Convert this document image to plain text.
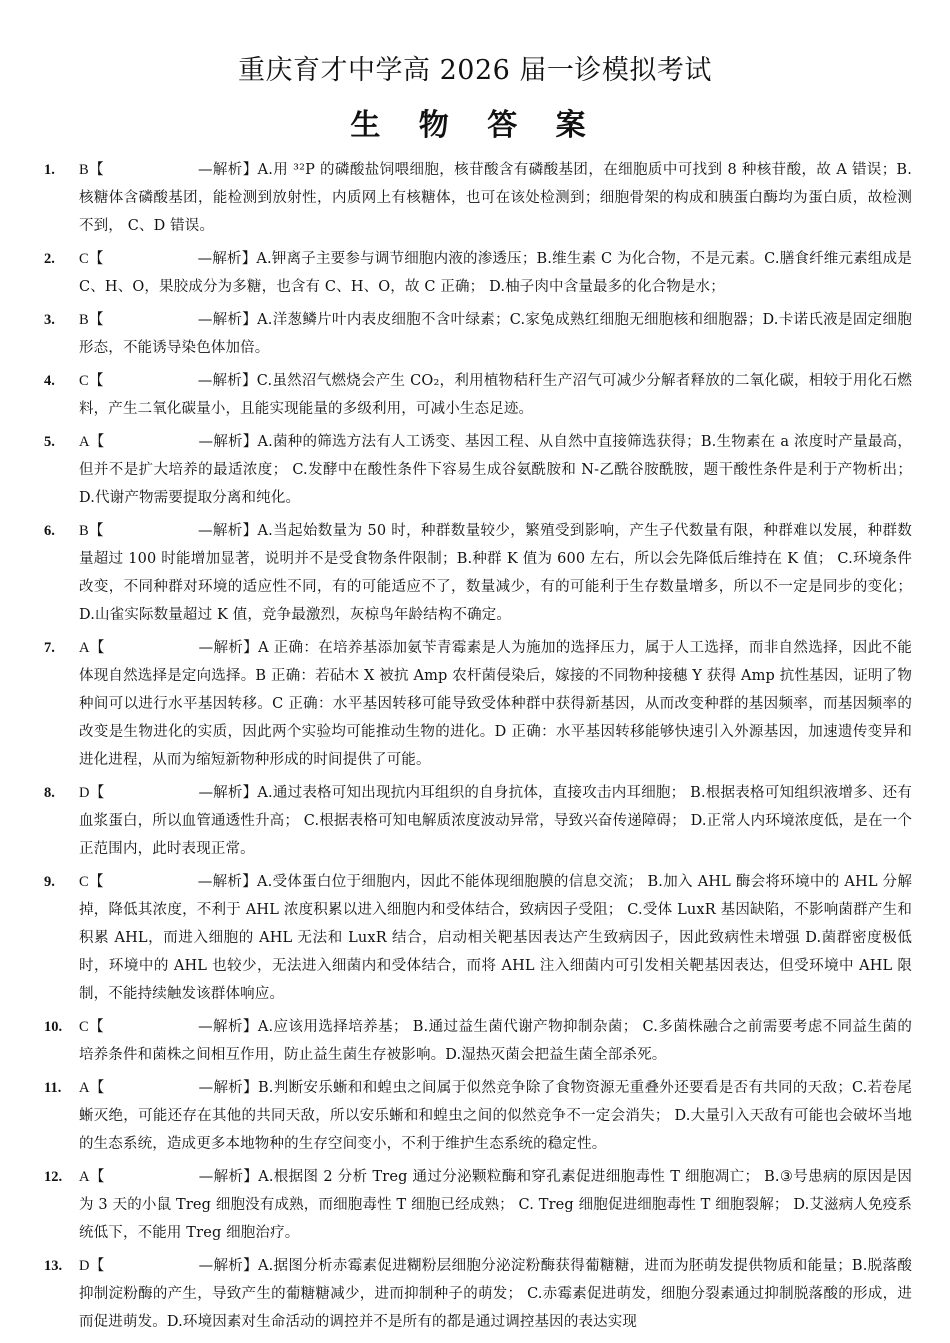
重庆育才中学高 2026 届一诊模拟考试
生 物 答 案
1. B【	—解析】A.用 ³²P 的磷酸盐饲喂细胞，核苷酸含有磷酸基团，在细胞质中可找到 8 种核苷酸，故 A 错误；B.核糖体含磷酸基团，能检测到放射性，内质网上有核糖体，也可在该处检测到；细胞骨架的构成和胰蛋白酶均为蛋白质，故检测不到， C、D 错误。
2. C【	—解析】A.钾离子主要参与调节细胞内液的渗透压；B.维生素 C 为化合物，不是元素。C.膳食纤维元素组成是 C、H、O，果胶成分为多糖，也含有 C、H、O，故 C 正确； D.柚子肉中含量最多的化合物是水；
3. B【	—解析】A.洋葱鳞片叶内表皮细胞不含叶绿素；C.家兔成熟红细胞无细胞核和细胞器；D.卡诺氏液是固定细胞形态，不能诱导染色体加倍。
4. C【	—解析】C.虽然沼气燃烧会产生 CO₂，利用植物秸秆生产沼气可减少分解者释放的二氧化碳，相较于用化石燃料，产生二氧化碳量小，且能实现能量的多级利用，可减小生态足迹。
5. A【	—解析】A.菌种的筛选方法有人工诱变、基因工程、从自然中直接筛选获得；B.生物素在 a 浓度时产量最高，但并不是扩大培养的最适浓度； C.发酵中在酸性条件下容易生成谷氨酰胺和 N-乙酰谷胺酰胺，题干酸性条件是利于产物析出； D.代谢产物需要提取分离和纯化。
6. B【	—解析】A.当起始数量为 50 时，种群数量较少，繁殖受到影响，产生子代数量有限，种群难以发展，种群数量超过 100 时能增加显著，说明并不是受食物条件限制；B.种群 K 值为 600 左右，所以会先降低后维持在 K 值； C.环境条件改变，不同种群对环境的适应性不同，有的可能适应不了，数量减少，有的可能利于生存数量增多，所以不一定是同步的变化； D.山雀实际数量超过 K 值，竞争最激烈，灰椋鸟年龄结构不确定。
7. A【	—解析】A 正确：在培养基添加氨苄青霉素是人为施加的选择压力，属于人工选择，而非自然选择，因此不能体现自然选择是定向选择。B 正确：若砧木 X 被抗 Amp 农杆菌侵染后，嫁接的不同物种接穗 Y 获得 Amp 抗性基因，证明了物种间可以进行水平基因转移。C 正确：水平基因转移可能导致受体种群中获得新基因，从而改变种群的基因频率，而基因频率的改变是生物进化的实质，因此两个实验均可能推动生物的进化。D 正确：水平基因转移能够快速引入外源基因，加速遗传变异和进化进程，从而为缩短新物种形成的时间提供了可能。
8. D【	—解析】A.通过表格可知出现抗内耳组织的自身抗体，直接攻击内耳细胞； B.根据表格可知组织液增多、还有血浆蛋白，所以血管通透性升高； C.根据表格可知电解质浓度波动异常，导致兴奋传递障碍； D.正常人内环境浓度低，是在一个正范围内，此时表现正常。
9. C【	—解析】A.受体蛋白位于细胞内，因此不能体现细胞膜的信息交流； B.加入 AHL 酶会将环境中的 AHL 分解掉，降低其浓度，不利于 AHL 浓度积累以进入细胞内和受体结合，致病因子受阻； C.受体 LuxR 基因缺陷，不影响菌群产生和积累 AHL，而进入细胞的 AHL 无法和 LuxR 结合，启动相关靶基因表达产生致病因子，因此致病性未增强 D.菌群密度极低时，环境中的 AHL 也较少，无法进入细菌内和受体结合，而将 AHL 注入细菌内可引发相关靶基因表达，但受环境中 AHL 限制，不能持续触发该群体响应。
10. C【	—解析】A.应该用选择培养基； B.通过益生菌代谢产物抑制杂菌； C.多菌株融合之前需要考虑不同益生菌的培养条件和菌株之间相互作用，防止益生菌生存被影响。D.湿热灭菌会把益生菌全部杀死。
11. A【	—解析】B.判断安乐蜥和和蝗虫之间属于似然竞争除了食物资源无重叠外还要看是否有共同的天敌；C.若卷尾蜥灭绝，可能还存在其他的共同天敌，所以安乐蜥和和蝗虫之间的似然竞争不一定会消失； D.大量引入天敌有可能也会破坏当地的生态系统，造成更多本地物种的生存空间变小，不利于维护生态系统的稳定性。
12. A【	—解析】A.根据图 2 分析 Treg 通过分泌颗粒酶和穿孔素促进细胞毒性 T 细胞凋亡； B.③号患病的原因是因为 3 天的小鼠 Treg 细胞没有成熟，而细胞毒性 T 细胞已经成熟； C. Treg 细胞促进细胞毒性 T 细胞裂解； D.艾滋病人免疫系统低下，不能用 Treg 细胞治疗。
13. D【	—解析】A.据图分析赤霉素促进糊粉层细胞分泌淀粉酶获得葡糖糖，进而为胚萌发提供物质和能量；B.脱落酸抑制淀粉酶的产生，导致产生的葡糖糖减少，进而抑制种子的萌发； C.赤霉素促进萌发，细胞分裂素通过抑制脱落酸的形成，进而促进萌发。D.环境因素对生命活动的调控并不是所有的都是通过调控基因的表达实现
